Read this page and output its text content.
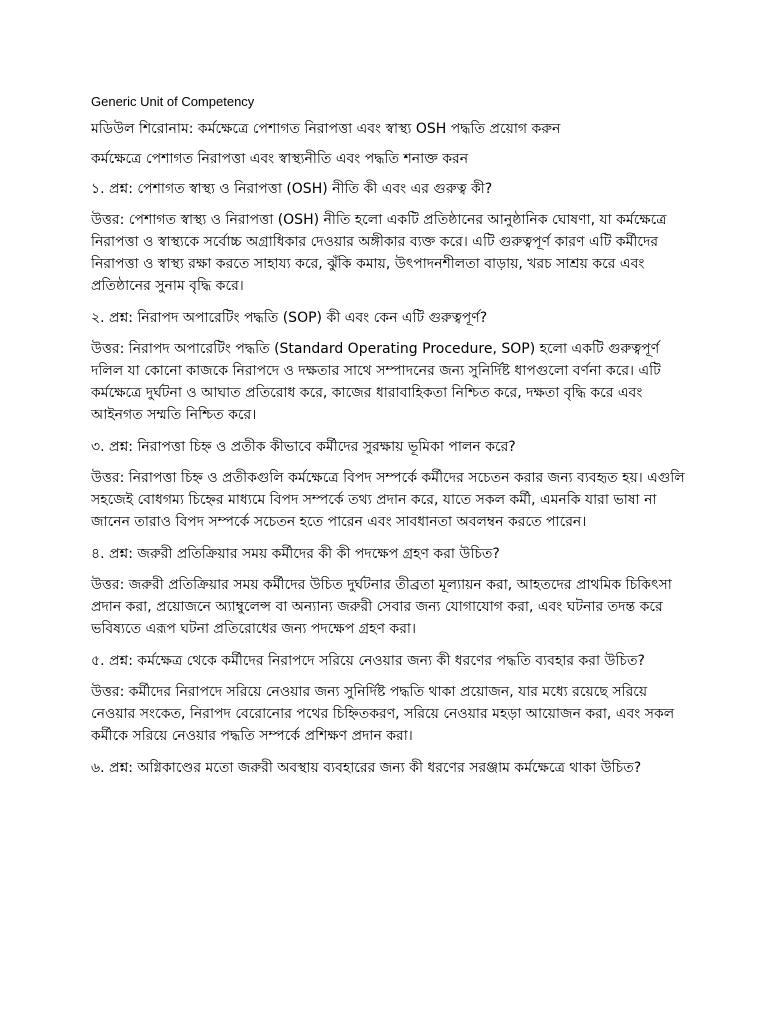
Generic Unit of Competency

মডিউল শিরোনাম: কর্মক্ষেত্রে পেশাগত নিরাপত্তা এবং স্বাস্থ্য OSH পদ্ধতি প্রয়োগ করুন

কর্মক্ষেত্রে পেশাগত নিরাপত্তা এবং স্বাস্থ্যনীতি এবং পদ্ধতি শনাক্ত করন

১. প্রশ্ন: পেশাগত স্বাস্থ্য ও নিরাপত্তা (OSH) নীতি কী এবং এর গুরুত্ব কী?

উত্তর: পেশাগত স্বাস্থ্য ও নিরাপত্তা (OSH) নীতি হলো একটি প্রতিষ্ঠানের আনুষ্ঠানিক ঘোষণা, যা কর্মক্ষেত্রে নিরাপত্তা ও স্বাস্থ্যকে সর্বোচ্চ অগ্রাধিকার দেওয়ার অঙ্গীকার ব্যক্ত করে। এটি গুরুত্বপূর্ণ কারণ এটি কর্মীদের নিরাপত্তা ও স্বাস্থ্য রক্ষা করতে সাহায্য করে, ঝুঁকি কমায়, উৎপাদনশীলতা বাড়ায়, খরচ সাশ্রয় করে এবং প্রতিষ্ঠানের সুনাম বৃদ্ধি করে।

২. প্রশ্ন: নিরাপদ অপারেটিং পদ্ধতি (SOP) কী এবং কেন এটি গুরুত্বপূর্ণ?

উত্তর: নিরাপদ অপারেটিং পদ্ধতি (Standard Operating Procedure, SOP) হলো একটি গুরুত্বপূর্ণ দলিল যা কোনো কাজকে নিরাপদে ও দক্ষতার সাথে সম্পাদনের জন্য সুনির্দিষ্ট ধাপগুলো বর্ণনা করে। এটি কর্মক্ষেত্রে দুর্ঘটনা ও আঘাত প্রতিরোধ করে, কাজের ধারাবাহিকতা নিশ্চিত করে, দক্ষতা বৃদ্ধি করে এবং আইনগত সম্মতি নিশ্চিত করে।

৩. প্রশ্ন: নিরাপত্তা চিহ্ন ও প্রতীক কীভাবে কর্মীদের সুরক্ষায় ভূমিকা পালন করে?

উত্তর: নিরাপত্তা চিহ্ন ও প্রতীকগুলি কর্মক্ষেত্রে বিপদ সম্পর্কে কর্মীদের সচেতন করার জন্য ব্যবহৃত হয়। এগুলি সহজেই বোধগম্য চিহ্নের মাধ্যমে বিপদ সম্পর্কে তথ্য প্রদান করে, যাতে সকল কর্মী, এমনকি যারা ভাষা না জানেন তারাও বিপদ সম্পর্কে সচেতন হতে পারেন এবং সাবধানতা অবলম্বন করতে পারেন।

৪. প্রশ্ন: জরুরী প্রতিক্রিয়ার সময় কর্মীদের কী কী পদক্ষেপ গ্রহণ করা উচিত?

উত্তর: জরুরী প্রতিক্রিয়ার সময় কর্মীদের উচিত দুর্ঘটনার তীব্রতা মূল্যায়ন করা, আহতদের প্রাথমিক চিকিৎসা প্রদান করা, প্রয়োজনে অ্যাম্বুলেন্স বা অন্যান্য জরুরী সেবার জন্য যোগাযোগ করা, এবং ঘটনার তদন্ত করে ভবিষ্যতে এরূপ ঘটনা প্রতিরোধের জন্য পদক্ষেপ গ্রহণ করা।

৫. প্রশ্ন: কর্মক্ষেত্র থেকে কর্মীদের নিরাপদে সরিয়ে নেওয়ার জন্য কী ধরণের পদ্ধতি ব্যবহার করা উচিত?

উত্তর: কর্মীদের নিরাপদে সরিয়ে নেওয়ার জন্য সুনির্দিষ্ট পদ্ধতি থাকা প্রয়োজন, যার মধ্যে রয়েছে সরিয়ে নেওয়ার সংকেত, নিরাপদ বেরোনোর পথের চিহ্নিতকরণ, সরিয়ে নেওয়ার মহড়া আয়োজন করা, এবং সকল কর্মীকে সরিয়ে নেওয়ার পদ্ধতি সম্পর্কে প্রশিক্ষণ প্রদান করা।

৬. প্রশ্ন: অগ্নিকাণ্ডের মতো জরুরী অবস্থায় ব্যবহারের জন্য কী ধরণের সরঞ্জাম কর্মক্ষেত্রে থাকা উচিত?
